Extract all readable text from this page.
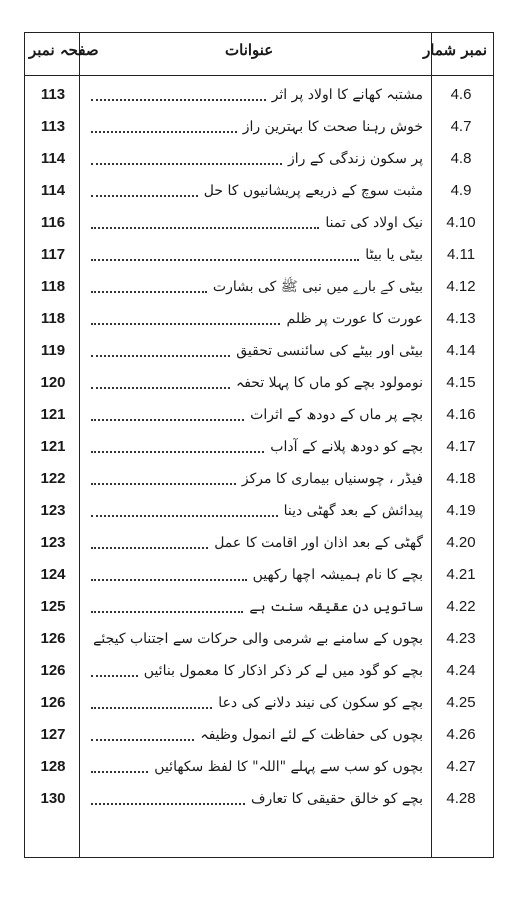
صفحہ نمبر	عنوانات	نمبر شمار
113	مشتبہ کھانے کا اولاد پر اثر	4.6
113	خوش رہنا صحت کا بہترین راز	4.7
114	پر سکون زندگی کے راز	4.8
114	مثبت سوچ کے ذریعے پریشانیوں کا حل	4.9
116	نیک اولاد کی تمنا	4.10
117	بیٹی یا بیٹا	4.11
118	بیٹی کے بارے میں نبی ﷺ کی بشارت	4.12
118	عورت کا عورت پر ظلم	4.13
119	بیٹی اور بیٹے کی سائنسی تحقیق	4.14
120	نومولود بچے کو ماں کا پہلا تحفہ	4.15
121	بچے پر ماں کے دودھ کے اثرات	4.16
121	بچے کو دودھ پلانے کے آداب	4.17
122	فیڈر ، چوسنیاں بیماری کا مرکز	4.18
123	پیدائش کے بعد گھٹی دینا	4.19
123	گھٹی کے بعد اذان اور اقامت کا عمل	4.20
124	بچے کا نام ہمیشہ اچھا رکھیں	4.21
125	ساتویں دن عقیقہ سنت ہے	4.22
126	بچوں کے سامنے بے شرمی والی حرکات سے اجتناب کیجئے	4.23
126	بچے کو گود میں لے کر ذکر اذکار کا معمول بنائیں	4.24
126	بچے کو سکون کی نیند دلانے کی دعا	4.25
127	بچوں کی حفاظت کے لئے انمول وظیفہ	4.26
128	بچوں کو سب سے پہلے "اللہ" کا لفظ سکھائیں	4.27
130	بچے کو خالق حقیقی کا تعارف	4.28
